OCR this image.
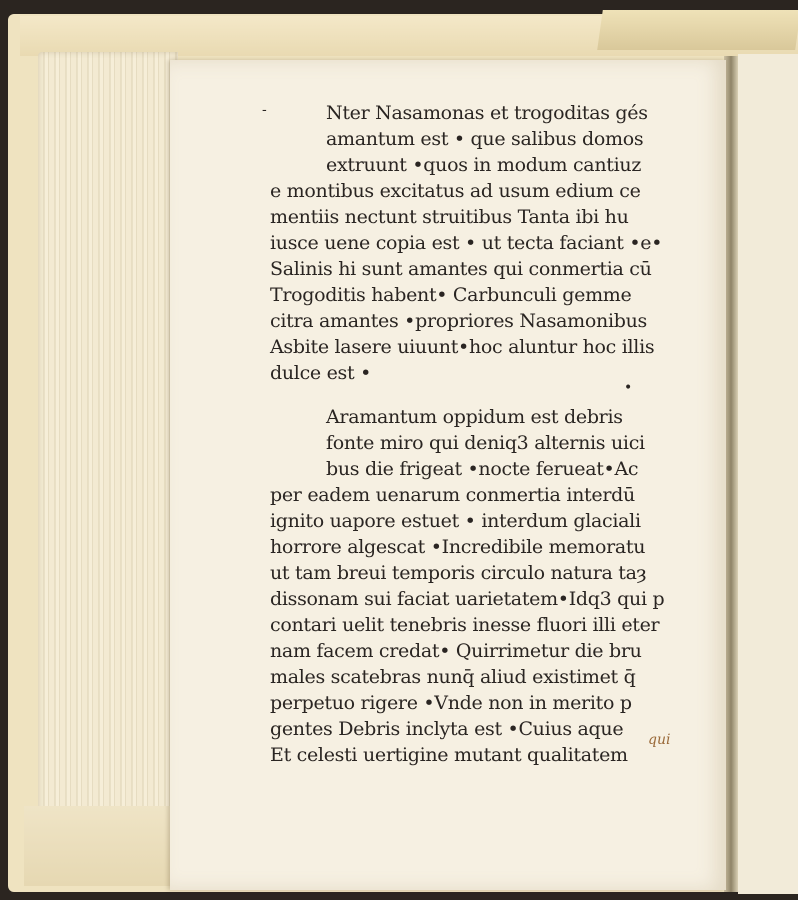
-
•
Nter Nasamonas et trogoditas gés
amantum est • que salibus domos
extruunt •quos in modum cantiuz
e montibus excitatus ad usum edium ce
mentiis nectunt struitibus Tanta ibi hu
iusce uene copia est • ut tecta faciant •e•
Salinis hi sunt amantes qui conmertia cū
Trogoditis habent• Carbunculi gemme
citra amantes •propriores Nasamonibus
Asbite lasere uiuunt•hoc aluntur hoc illis
dulce est •
Aramantum oppidum est debris
fonte miro qui deniq3 alternis uici
bus die frigeat •nocte ferueat•Ac
per eadem uenarum conmertia interdū
ignito uapore estuet • interdum glaciali
horrore algescat •Incredibile memoratu
ut tam breui temporis circulo natura taȝ
dissonam sui faciat uarietatem•Idq3 qui p
contari uelit tenebris inesse fluori illi eter
nam facem credat• Quirrimetur die bru
males scatebras nunq̄ aliud existimet q̄
perpetuo rigere •Vnde non in merito p
gentes Debris inclyta est •Cuius aque
Et celesti uertigine mutant qualitatem
qui
